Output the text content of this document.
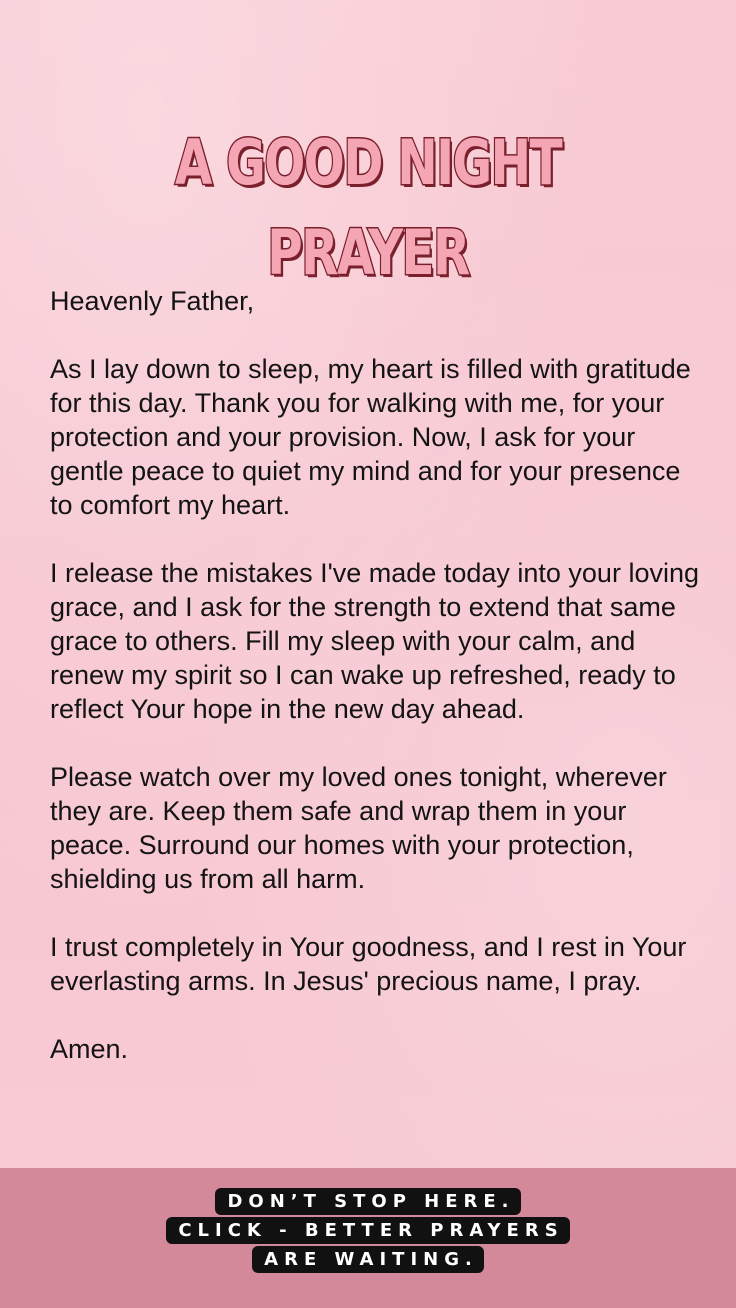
A GOOD NIGHT PRAYER

Heavenly Father,

As I lay down to sleep, my heart is filled with gratitude for this day. Thank you for walking with me, for your protection and your provision. Now, I ask for your gentle peace to quiet my mind and for your presence to comfort my heart.

I release the mistakes I've made today into your loving grace, and I ask for the strength to extend that same grace to others. Fill my sleep with your calm, and renew my spirit so I can wake up refreshed, ready to reflect Your hope in the new day ahead.

Please watch over my loved ones tonight, wherever they are. Keep them safe and wrap them in your peace. Surround our homes with your protection, shielding us from all harm.

I trust completely in Your goodness, and I rest in Your everlasting arms. In Jesus' precious name, I pray.

Amen.

DON’T STOP HERE.
CLICK - BETTER PRAYERS
ARE WAITING.
